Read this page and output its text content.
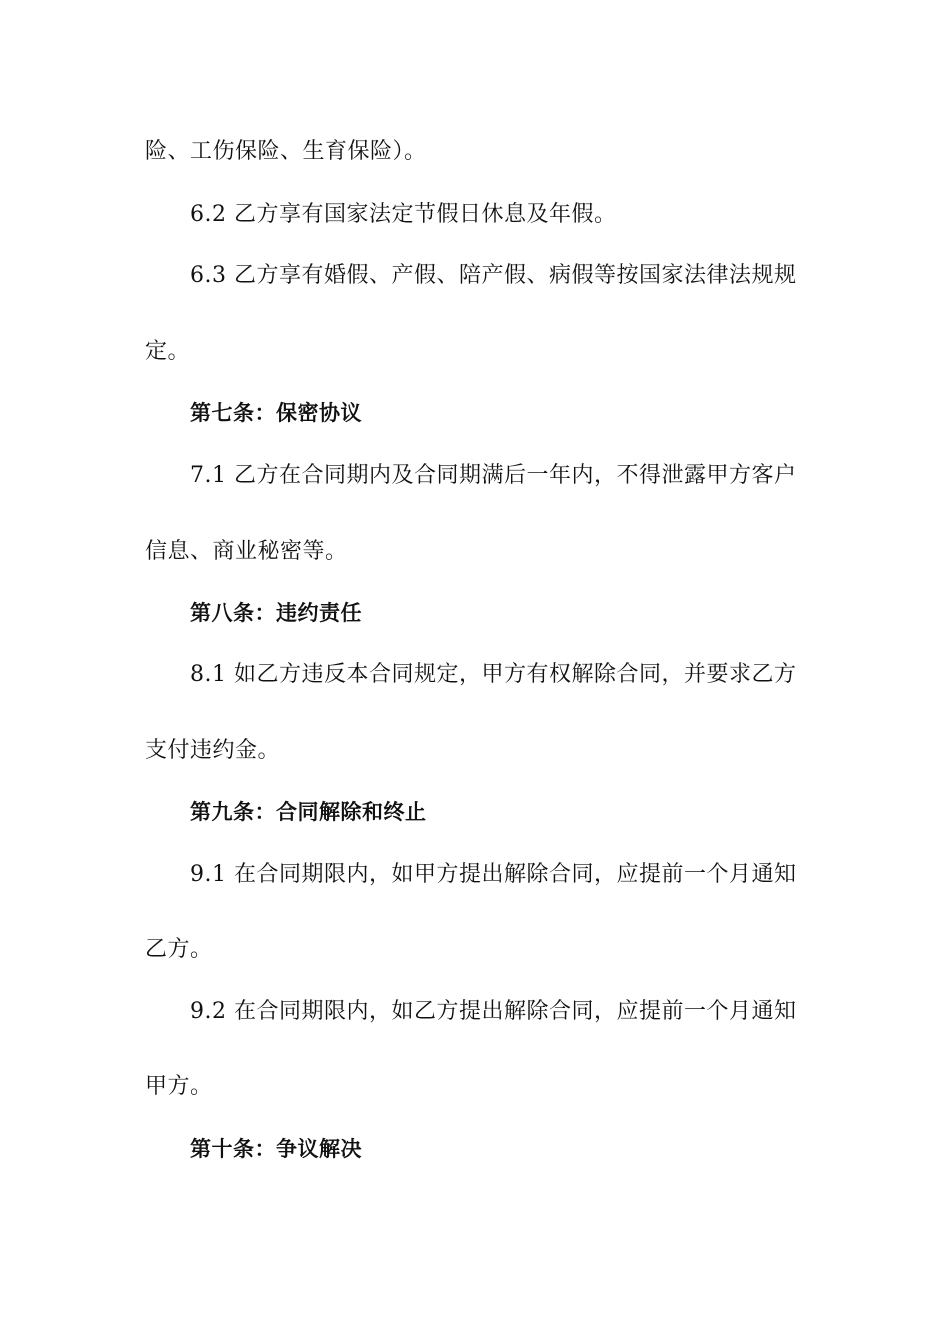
险、工伤保险、生育保险）。
6.2 乙方享有国家法定节假日休息及年假。
6.3 乙方享有婚假、产假、陪产假、病假等按国家法律法规规
定。
第七条：保密协议
7.1 乙方在合同期内及合同期满后一年内，不得泄露甲方客户
信息、商业秘密等。
第八条：违约责任
8.1 如乙方违反本合同规定，甲方有权解除合同，并要求乙方
支付违约金。
第九条：合同解除和终止
9.1 在合同期限内，如甲方提出解除合同，应提前一个月通知
乙方。
9.2 在合同期限内，如乙方提出解除合同，应提前一个月通知
甲方。
第十条：争议解决
